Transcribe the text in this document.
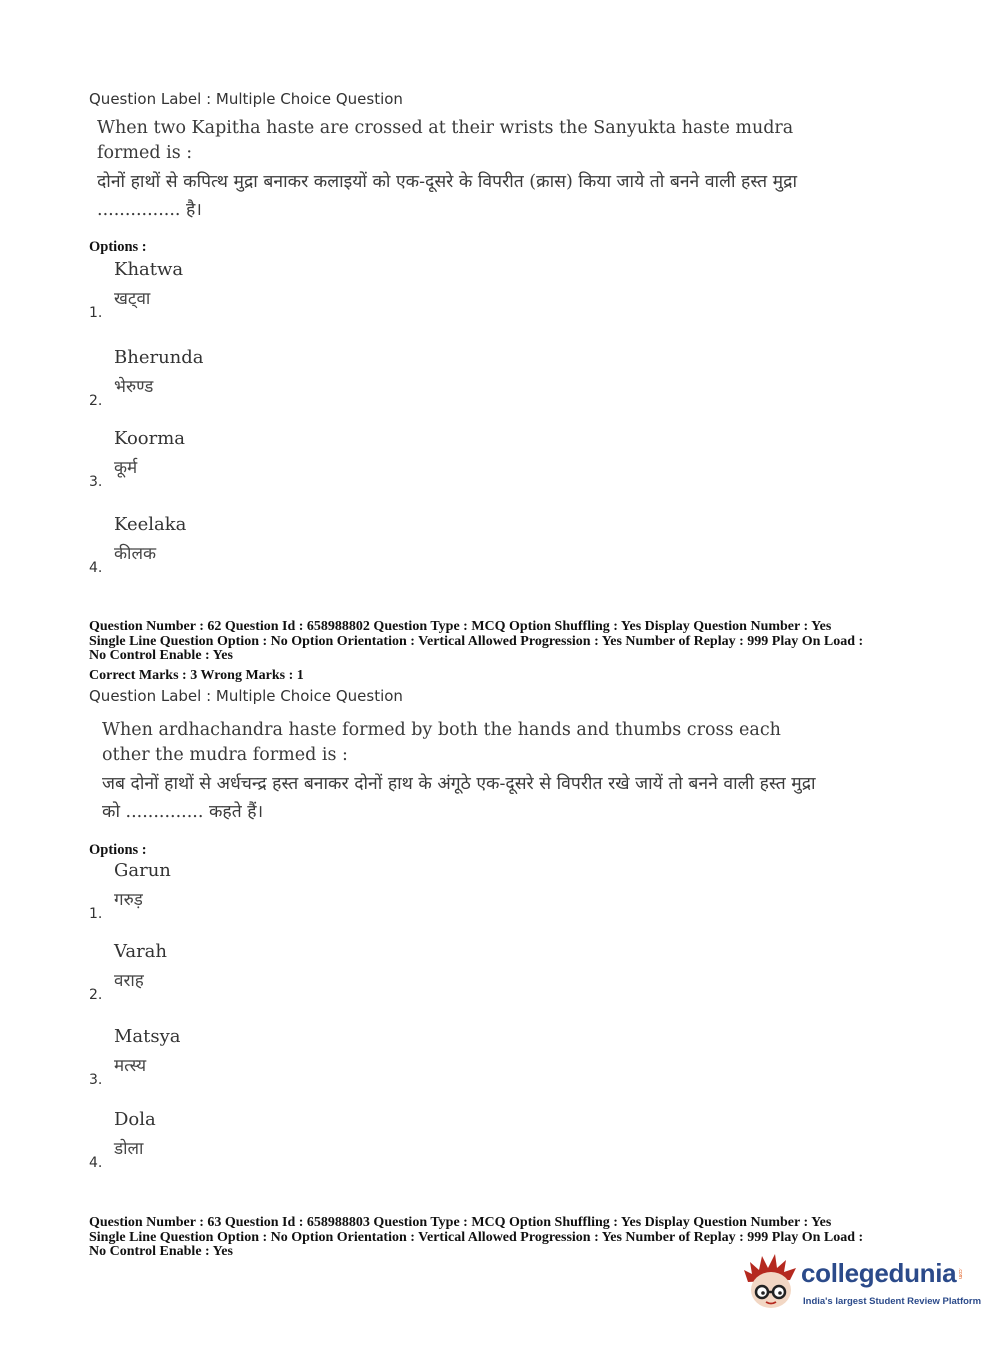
Question Label : Multiple Choice Question
When two Kapitha haste are crossed at their wrists the Sanyukta haste mudra formed is :
दोनों हाथों से कपित्थ मुद्रा बनाकर कलाइयों को एक-दूसरे के विपरीत (क्रास) किया जाये तो बनने वाली हस्त मुद्रा ............... है।
Options :
1.
Khatwa
खट्वा
2.
Bherunda
भेरुण्ड
3.
Koorma
कूर्म
4.
Keelaka
कीलक
Question Number : 62 Question Id : 658988802 Question Type : MCQ Option Shuffling : Yes Display Question Number : Yes
Single Line Question Option : No Option Orientation : Vertical Allowed Progression : Yes Number of Replay : 999 Play On Load :
No Control Enable : Yes
Correct Marks : 3 Wrong Marks : 1
Question Label : Multiple Choice Question
When ardhachandra haste formed by both the hands and thumbs cross each other the mudra formed is :
जब दोनों हाथों से अर्धचन्द्र हस्त बनाकर दोनों हाथ के अंगूठे एक-दूसरे से विपरीत रखे जायें तो बनने वाली हस्त मुद्रा को .............. कहते हैं।
Options :
1.
Garun
गरुड़
2.
Varah
वराह
3.
Matsya
मत्स्य
4.
Dola
डोला
Question Number : 63 Question Id : 658988803 Question Type : MCQ Option Shuffling : Yes Display Question Number : Yes
Single Line Question Option : No Option Orientation : Vertical Allowed Progression : Yes Number of Replay : 999 Play On Load :
No Control Enable : Yes
collegedunia .com
India's largest Student Review Platform
